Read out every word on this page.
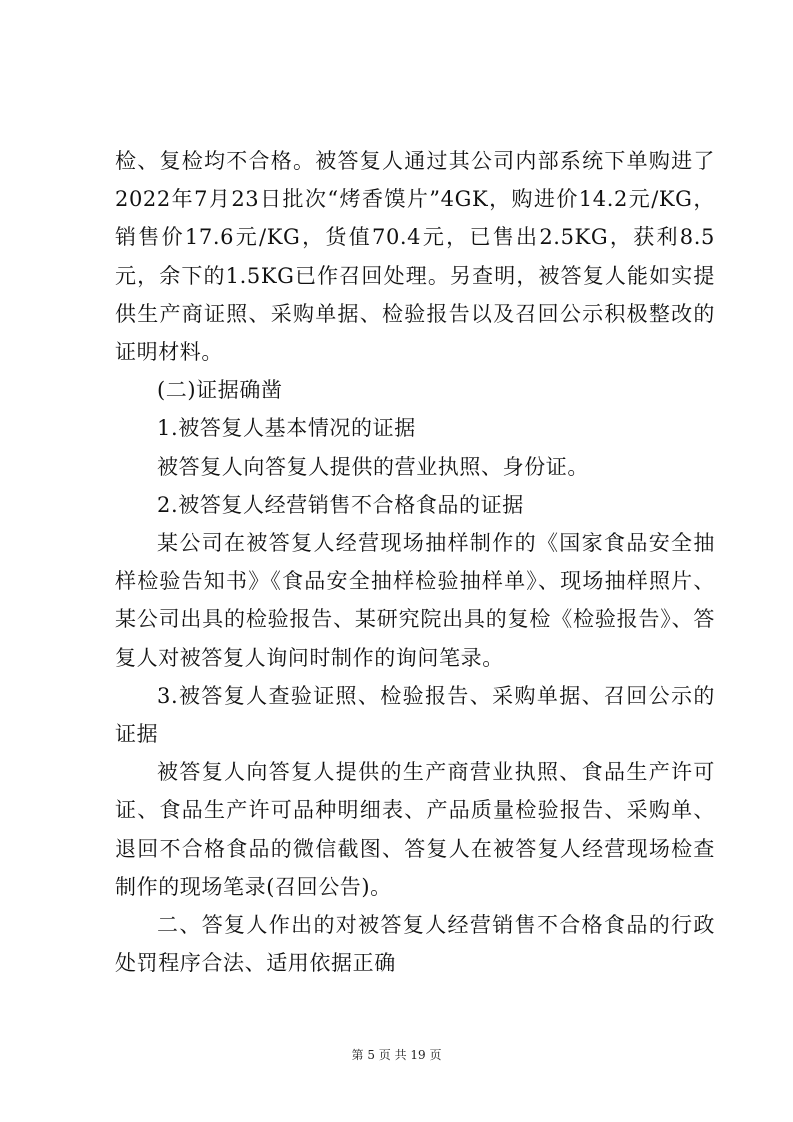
检、复检均不合格。被答复人通过其公司内部系统下单购进了2022年7月23日批次“烤香馍片”4GK，购进价14.2元/KG，销售价17.6元/KG，货值70.4元，已售出2.5KG，获利8.5元，余下的1.5KG已作召回处理。另查明，被答复人能如实提供生产商证照、采购单据、检验报告以及召回公示积极整改的证明材料。

(二)证据确凿

1.被答复人基本情况的证据

被答复人向答复人提供的营业执照、身份证。

2.被答复人经营销售不合格食品的证据

某公司在被答复人经营现场抽样制作的《国家食品安全抽样检验告知书》《食品安全抽样检验抽样单》、现场抽样照片、某公司出具的检验报告、某研究院出具的复检《检验报告》、答复人对被答复人询问时制作的询问笔录。

3.被答复人查验证照、检验报告、采购单据、召回公示的证据

被答复人向答复人提供的生产商营业执照、食品生产许可证、食品生产许可品种明细表、产品质量检验报告、采购单、退回不合格食品的微信截图、答复人在被答复人经营现场检查制作的现场笔录(召回公告)。

二、答复人作出的对被答复人经营销售不合格食品的行政处罚程序合法、适用依据正确

第 5 页 共 19 页
